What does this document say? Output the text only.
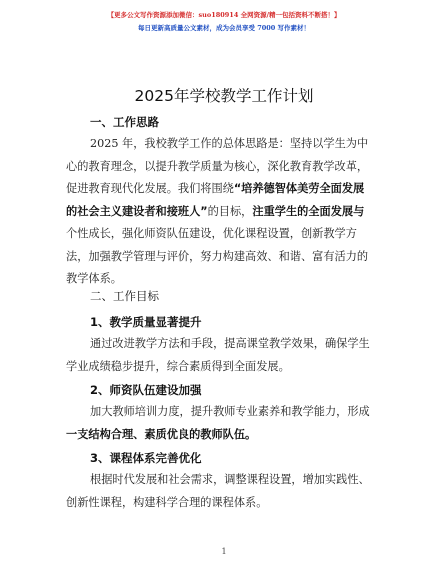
【更多公文写作资源添加微信：suo180914 全网资源/精一包括资料不断搭！】
每日更新高质量公文素材，成为会员享受 7000 写作素材！
2025年学校教学工作计划
一、工作思路
2025 年，我校教学工作的总体思路是：坚持以学生为中
心的教育理念，以提升教学质量为核心，深化教育教学改革，
促进教育现代化发展。我们将围绕“培养德智体美劳全面发展
的社会主义建设者和接班人”的目标，注重学生的全面发展与
个性成长，强化师资队伍建设，优化课程设置，创新教学方
法，加强教学管理与评价，努力构建高效、和谐、富有活力的
教学体系。
二、工作目标
1、教学质量显著提升
通过改进教学方法和手段，提高课堂教学效果，确保学生
学业成绩稳步提升，综合素质得到全面发展。
2、师资队伍建设加强
加大教师培训力度，提升教师专业素养和教学能力，形成
一支结构合理、素质优良的教师队伍。
3、课程体系完善优化
根据时代发展和社会需求，调整课程设置，增加实践性、
创新性课程，构建科学合理的课程体系。
1
